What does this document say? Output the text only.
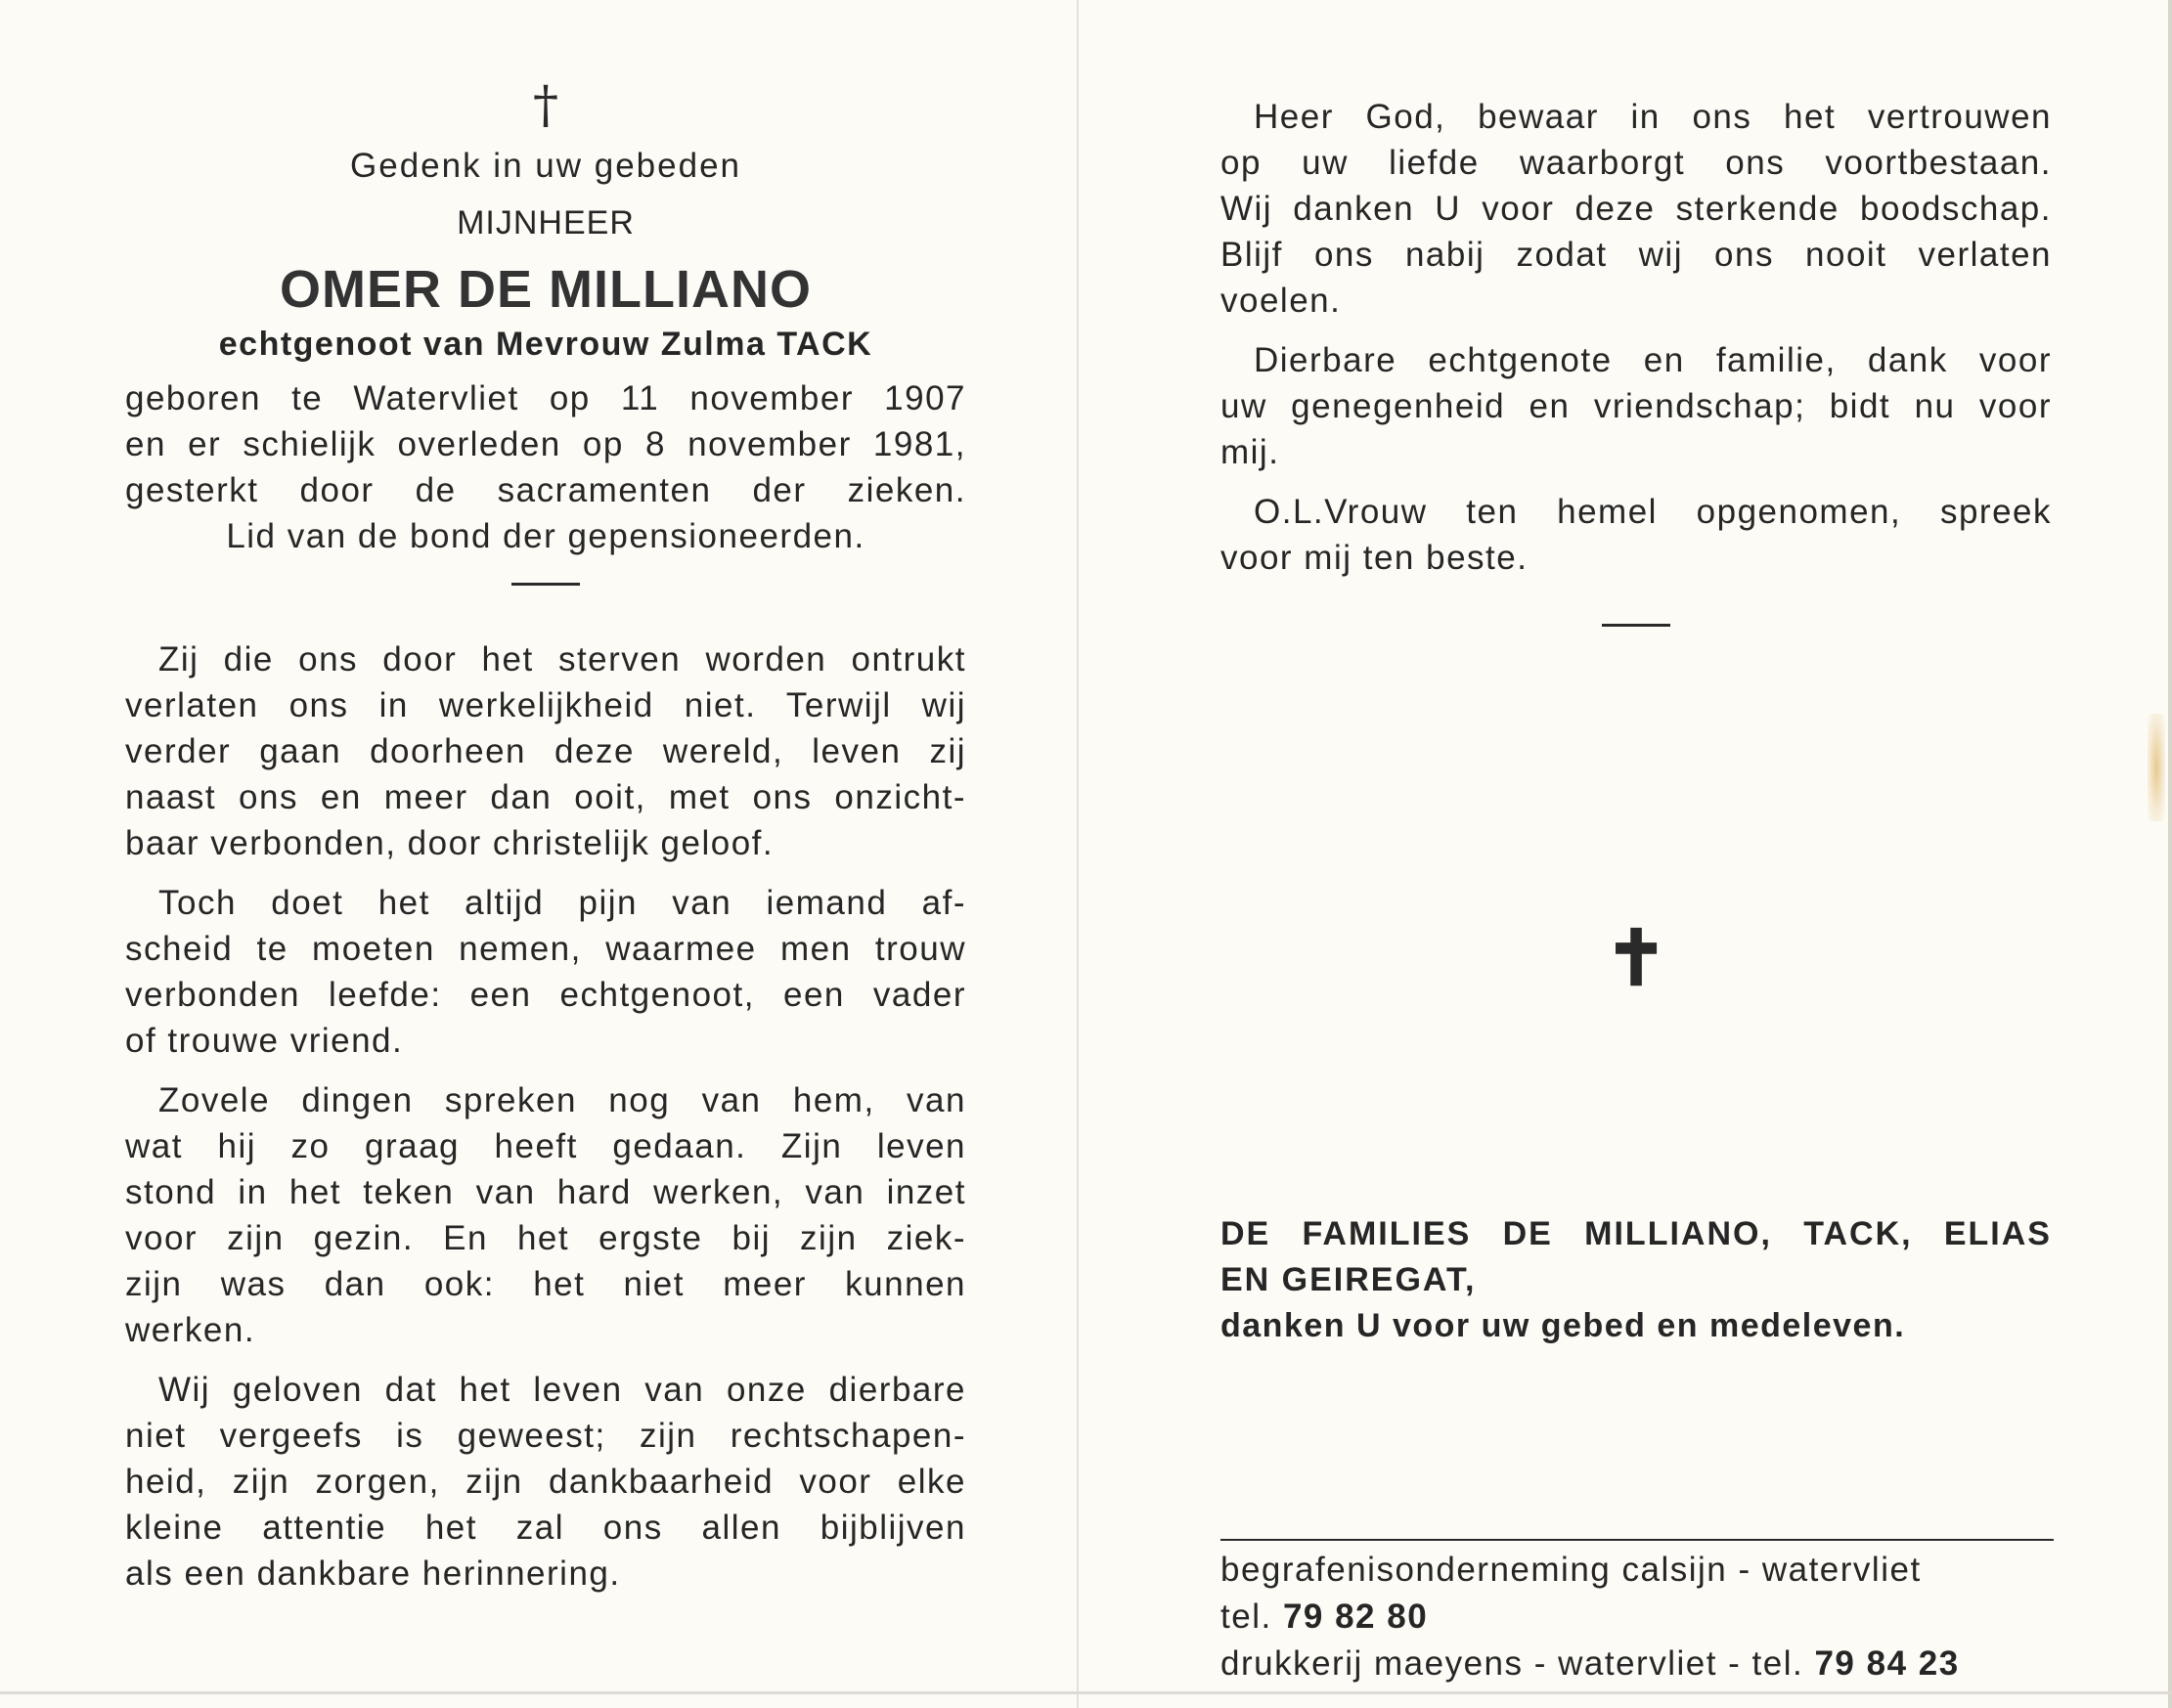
†
Gedenk in uw gebeden
MIJNHEER
OMER DE MILLIANO
echtgenoot van Mevrouw Zulma TACK

geboren te Watervliet op 11 november 1907

en er schielijk overleden op 8 november 1981,

gesterkt door de sacramenten der zieken.

Lid van de bond der gepensioneerden.

Zij die ons door het sterven worden ontrukt

verlaten ons in werkelijkheid niet. Terwijl wij

verder gaan doorheen deze wereld, leven zij

naast ons en meer dan ooit, met ons onzicht-

baar verbonden, door christelijk geloof.

Toch doet het altijd pijn van iemand af-

scheid te moeten nemen, waarmee men trouw

verbonden leefde: een echtgenoot, een vader

of trouwe vriend.

Zovele dingen spreken nog van hem, van

wat hij zo graag heeft gedaan. Zijn leven

stond in het teken van hard werken, van inzet

voor zijn gezin. En het ergste bij zijn ziek-

zijn was dan ook: het niet meer kunnen

werken.

Wij geloven dat het leven van onze dierbare

niet vergeefs is geweest; zijn rechtschapen-

heid, zijn zorgen, zijn dankbaarheid voor elke

kleine attentie het zal ons allen bijblijven

als een dankbare herinnering.

Heer God, bewaar in ons het vertrouwen

op uw liefde waarborgt ons voortbestaan.

Wij danken U voor deze sterkende boodschap.

Blijf ons nabij zodat wij ons nooit verlaten

voelen.

Dierbare echtgenote en familie, dank voor

uw genegenheid en vriendschap; bidt nu voor

mij.

O.L.Vrouw ten hemel opgenomen, spreek

voor mij ten beste.

✝

DE FAMILIES DE MILLIANO, TACK, ELIAS

EN GEIREGAT,

danken U voor uw gebed en medeleven.

begrafenisonderneming calsijn - watervliet

tel. 79 82 80

drukkerij maeyens - watervliet - tel. 79 84 23
